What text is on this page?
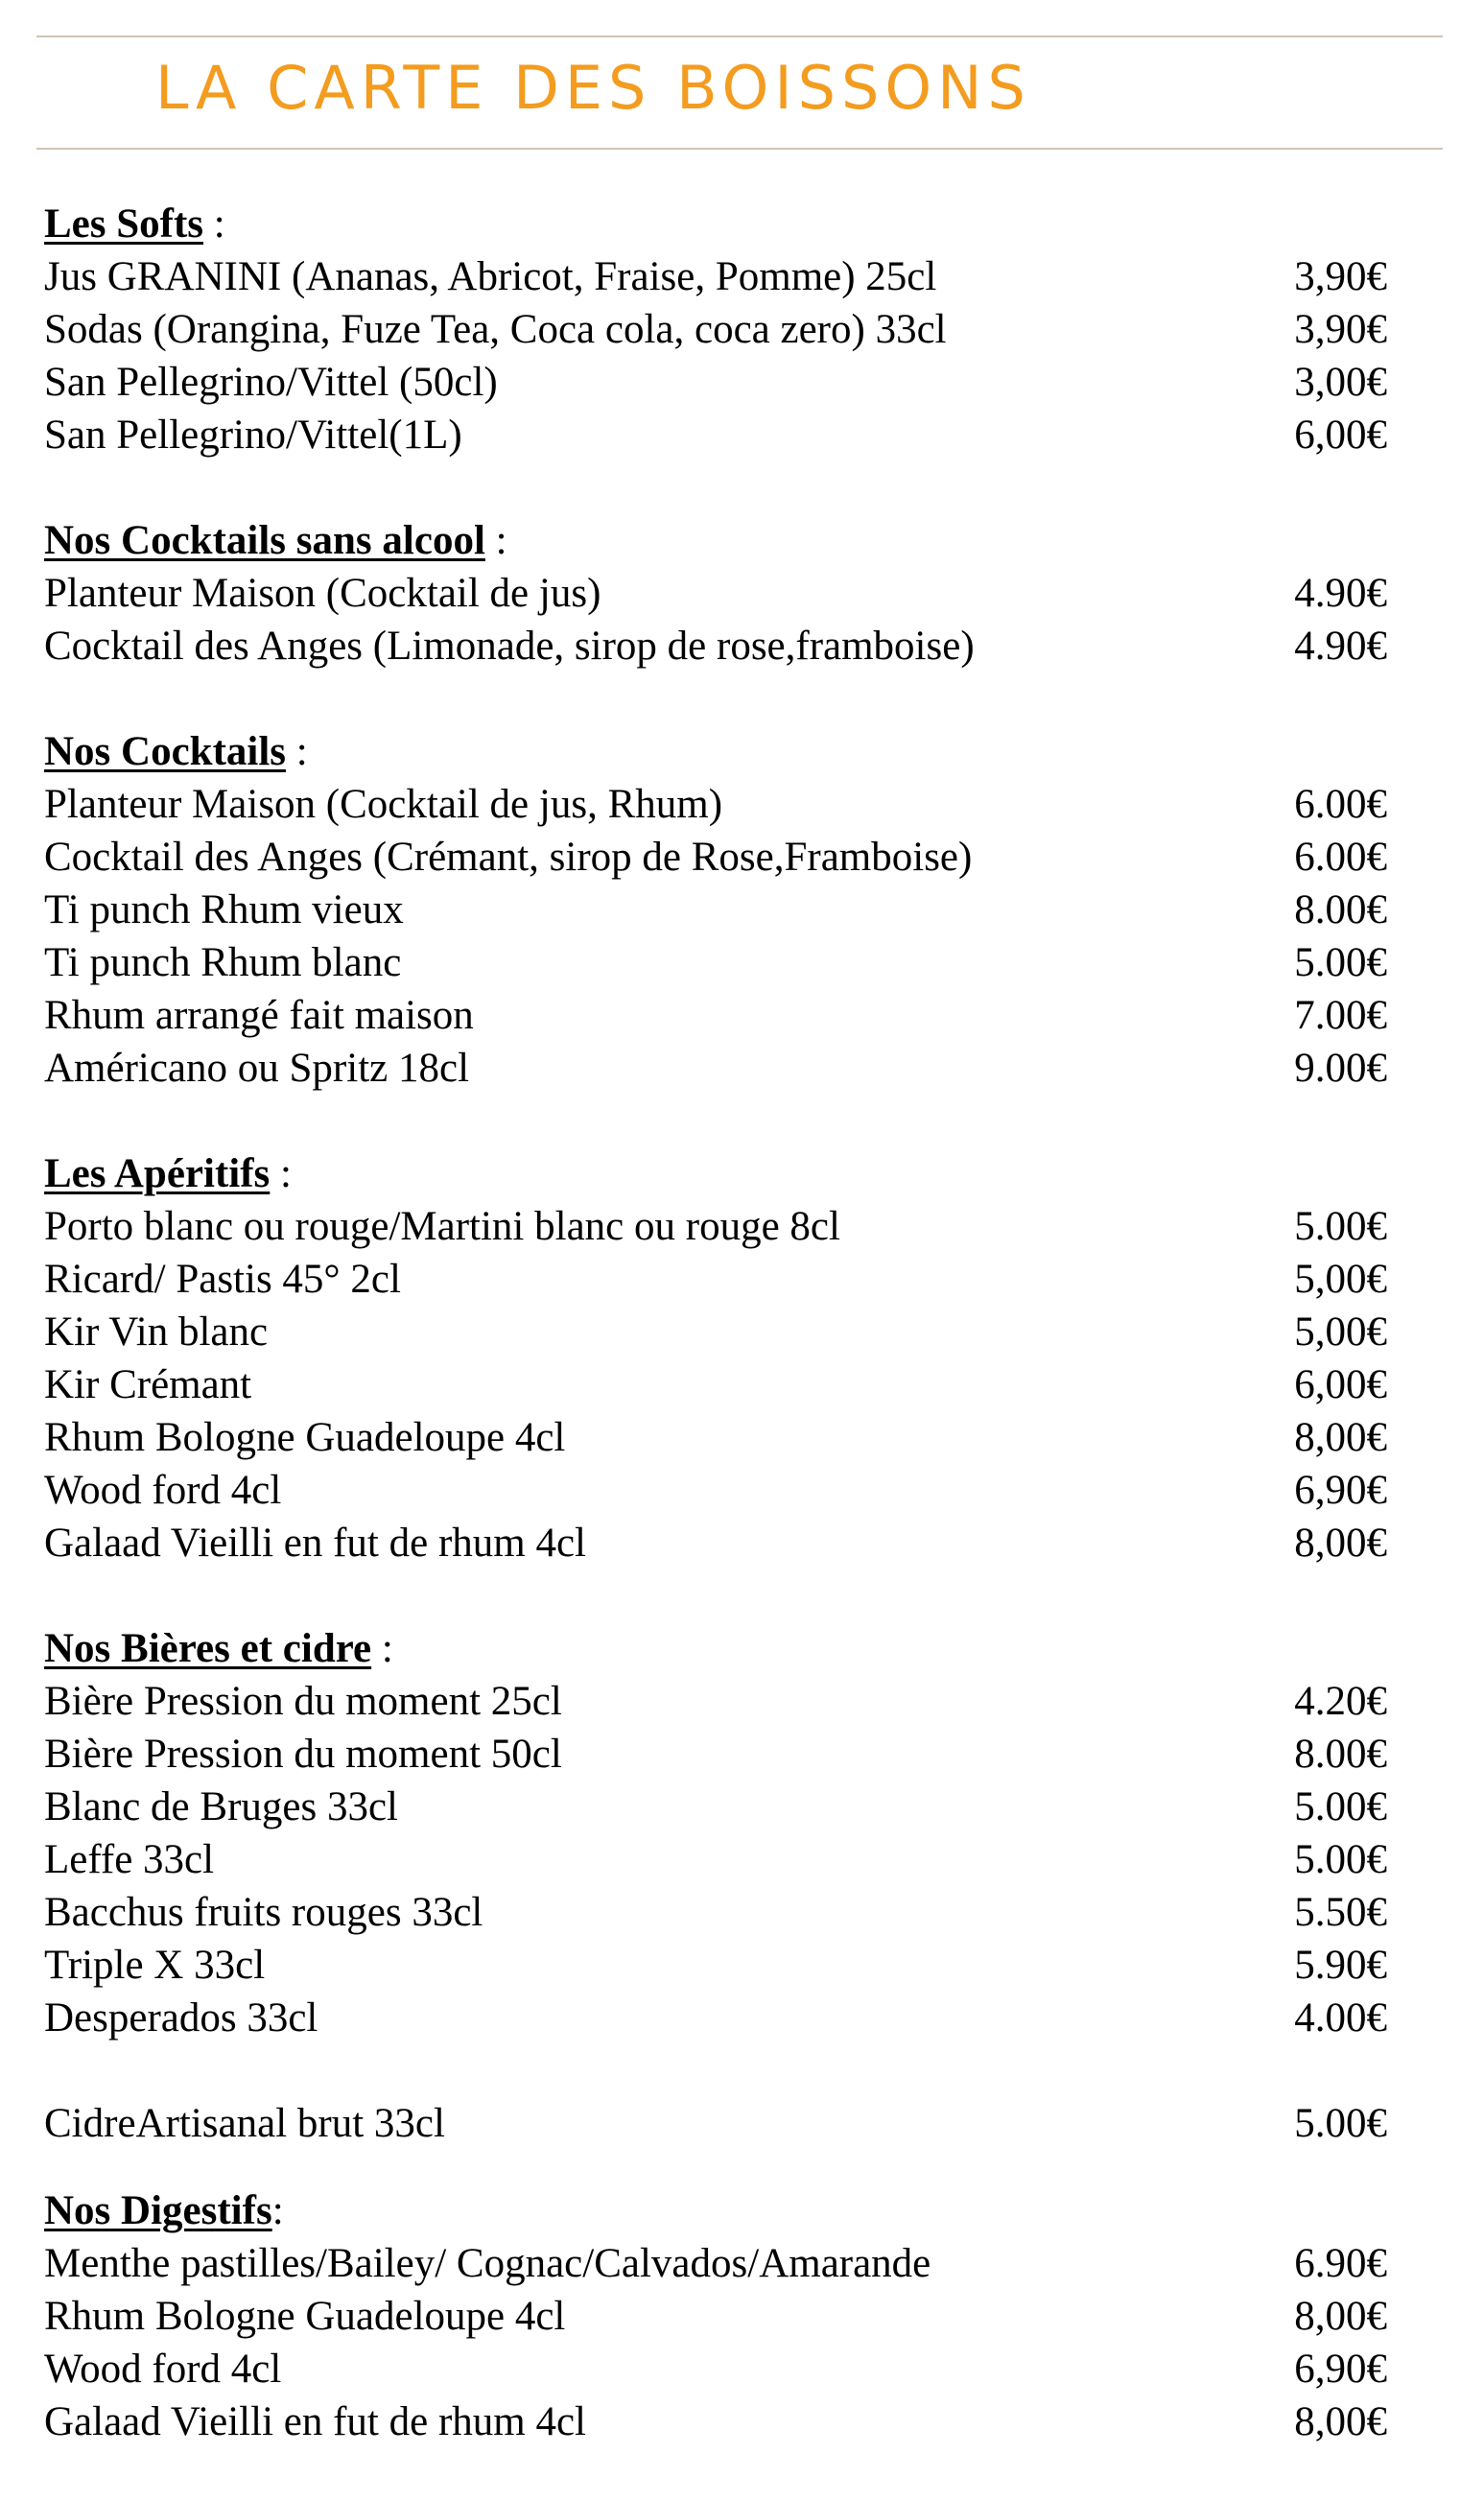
LA CARTE DES BOISSONS
Les Softs :
Jus GRANINI (Ananas, Abricot, Fraise, Pomme) 25cl	3,90€
Sodas (Orangina, Fuze Tea, Coca cola, coca zero) 33cl	3,90€
San Pellegrino/Vittel (50cl)	3,00€
San Pellegrino/Vittel(1L)	6,00€
Nos Cocktails sans alcool :
Planteur Maison (Cocktail de jus)	4.90€
Cocktail des Anges (Limonade, sirop de rose,framboise)	4.90€
Nos Cocktails :
Planteur Maison (Cocktail de jus, Rhum)	6.00€
Cocktail des Anges (Crémant, sirop de Rose,Framboise)	6.00€
Ti punch Rhum vieux	8.00€
Ti punch Rhum blanc	5.00€
Rhum arrangé fait maison	7.00€
Américano ou Spritz 18cl	9.00€
Les Apéritifs :
Porto blanc ou rouge/Martini blanc ou rouge 8cl	5.00€
Ricard/ Pastis 45° 2cl	5,00€
Kir Vin blanc	5,00€
Kir Crémant	6,00€
Rhum Bologne Guadeloupe 4cl	8,00€
Wood ford 4cl	6,90€
Galaad Vieilli en fut de rhum 4cl	8,00€
Nos Bières et cidre :
Bière Pression du moment 25cl	4.20€
Bière Pression du moment 50cl	8.00€
Blanc de Bruges 33cl	5.00€
Leffe 33cl	5.00€
Bacchus fruits rouges 33cl	5.50€
Triple X 33cl	5.90€
Desperados 33cl	4.00€
CidreArtisanal brut 33cl	5.00€
Nos Digestifs:
Menthe pastilles/Bailey/ Cognac/Calvados/Amarande	6.90€
Rhum Bologne Guadeloupe 4cl	8,00€
Wood ford 4cl	6,90€
Galaad Vieilli en fut de rhum 4cl	8,00€
